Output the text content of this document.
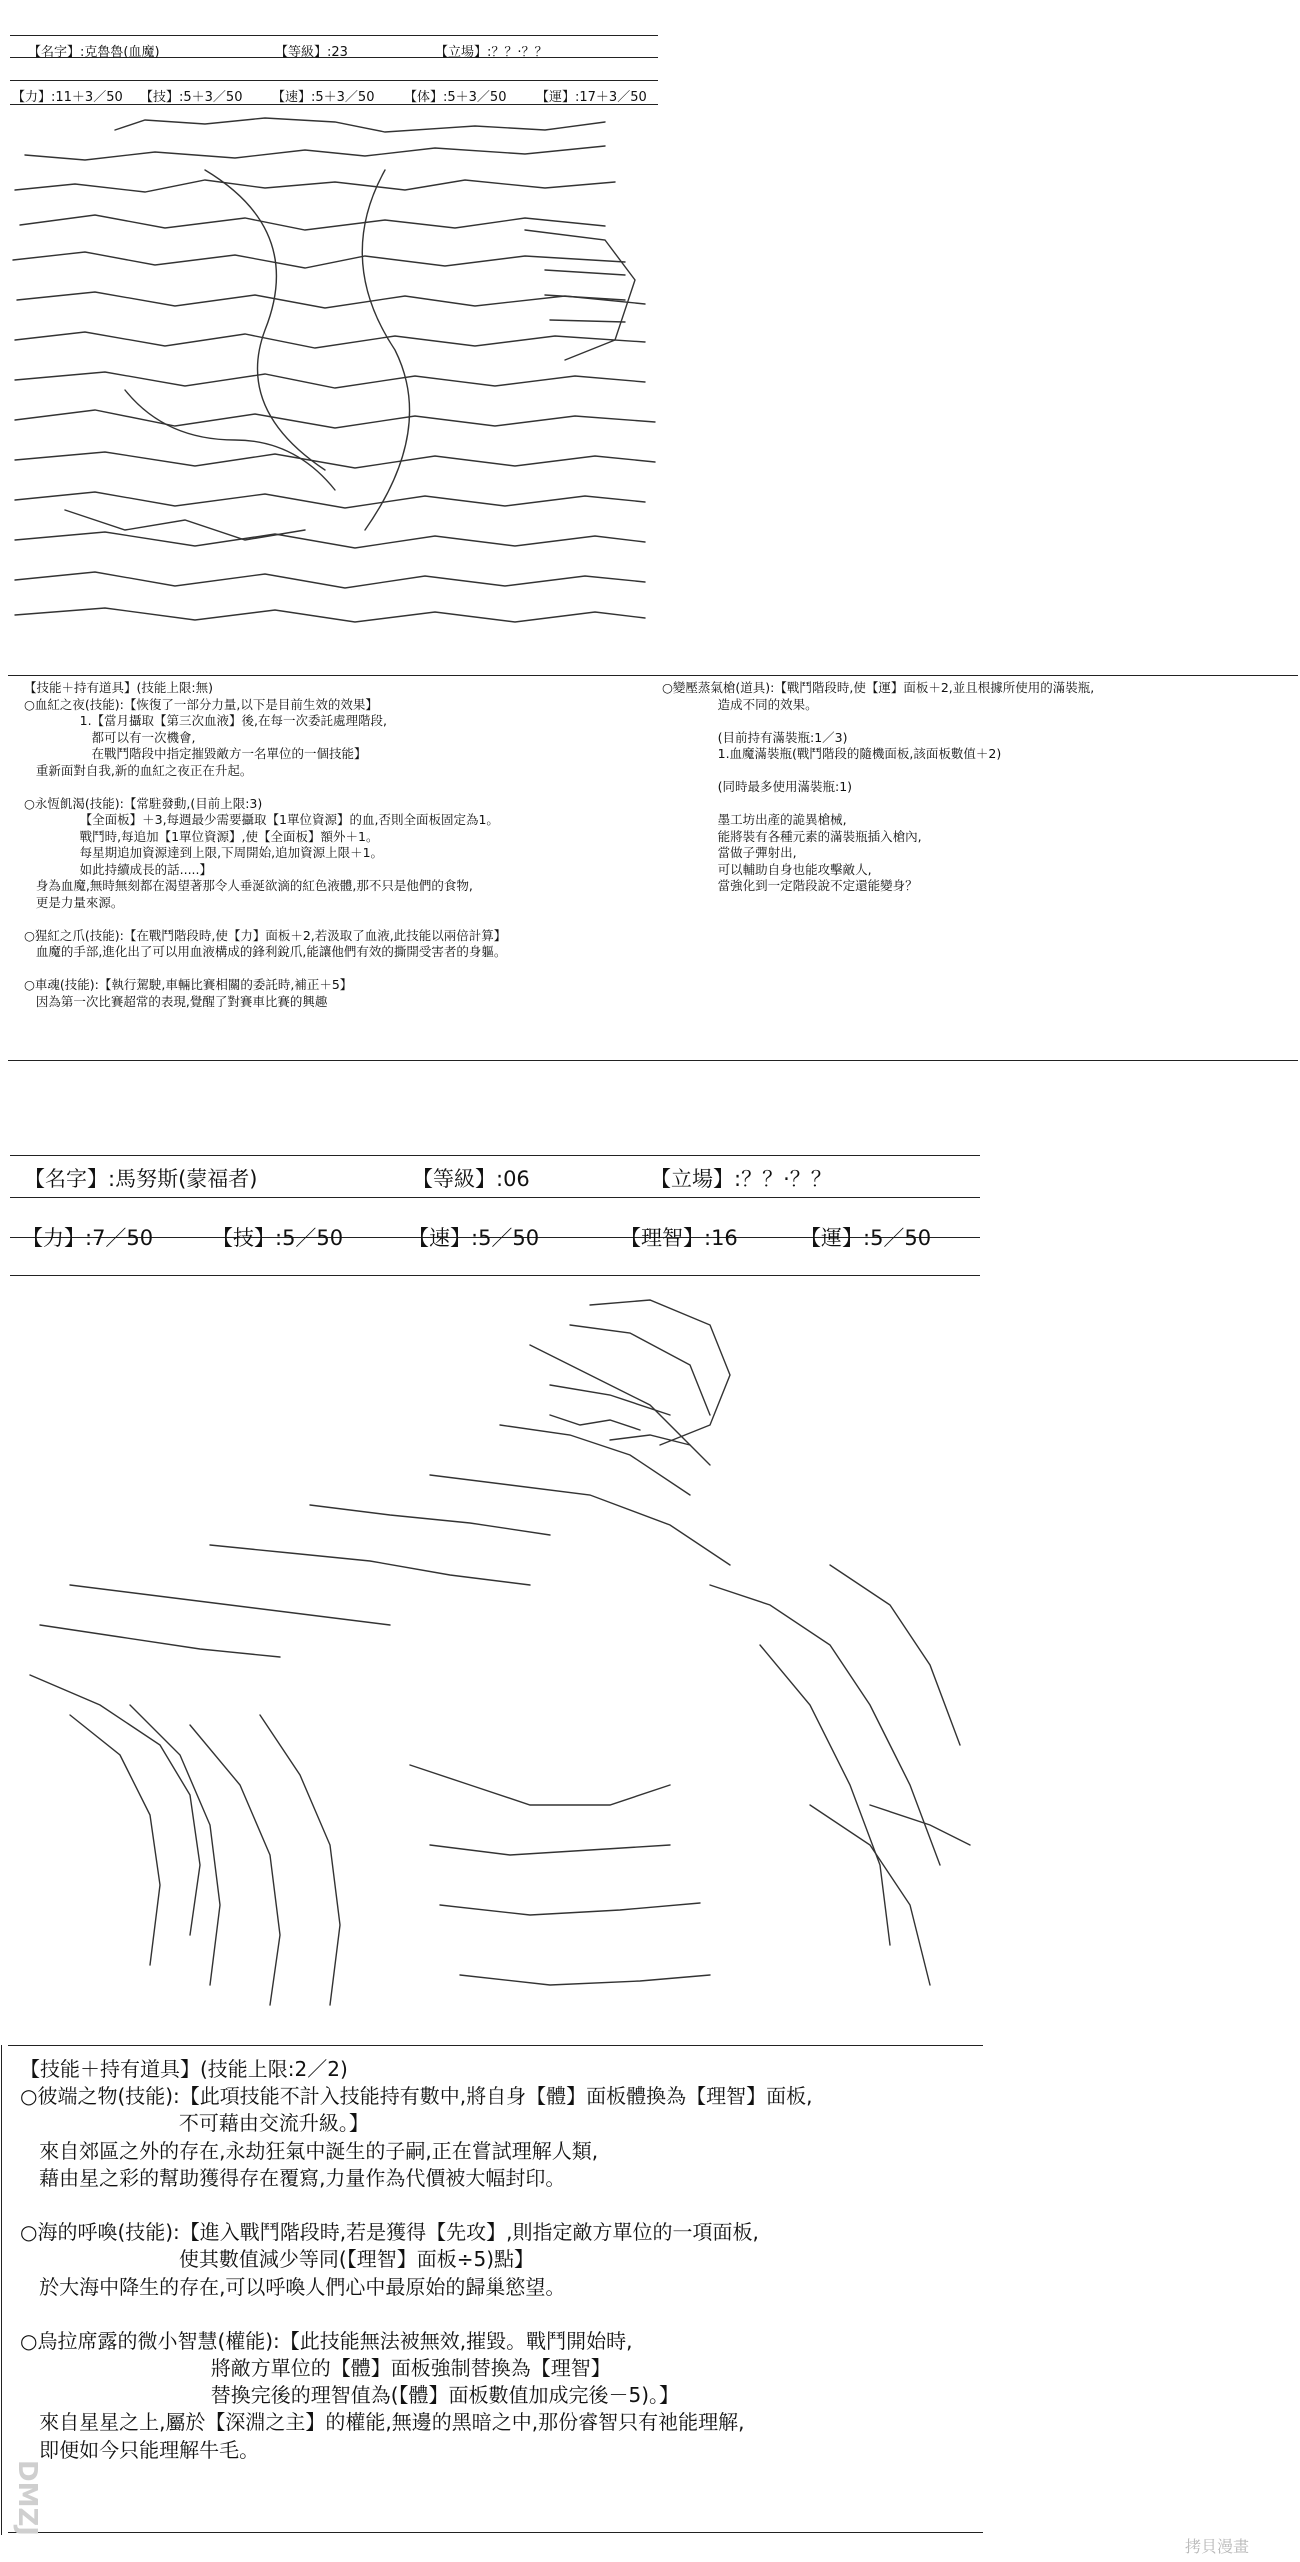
【名字】:克魯魯(血魔)	【等級】:23	【立場】:？？·？？
【力】:11＋3／50 【技】:5＋3／50 【速】:5＋3／50 【体】:5＋3／50 【運】:17＋3／50
【技能＋持有道具】(技能上限:無)
○血紅之夜(技能):【恢復了一部分力量,以下是目前生效的效果】
1.【當月攝取【第三次血液】後,在每一次委託處理階段,
都可以有一次機會,
在戰鬥階段中指定摧毀敵方一名單位的一個技能】
重新面對自我,新的血紅之夜正在升起。

○永恆飢渴(技能):【常駐發動,(目前上限:3)
【全面板】＋3,每週最少需要攝取【1單位資源】的血,否則全面板固定為1。
戰鬥時,每追加【1單位資源】,使【全面板】額外＋1。
每星期追加資源達到上限,下周開始,追加資源上限＋1。
如此持續成長的話.....】
身為血魔,無時無刻都在渴望著那令人垂涎欲滴的紅色液體,那不只是他們的食物,
更是力量來源。

○猩紅之爪(技能):【在戰鬥階段時,使【力】面板＋2,若汲取了血液,此技能以兩倍計算】
血魔的手部,進化出了可以用血液構成的鋒利銳爪,能讓他們有效的撕開受害者的身軀。

○車魂(技能):【執行駕駛,車輛比賽相關的委託時,補正＋5】
因為第一次比賽超常的表現,覺醒了對賽車比賽的興趣
○變壓蒸氣槍(道具):【戰鬥階段時,使【運】面板＋2,並且根據所使用的滿裝瓶,
造成不同的效果。

(目前持有滿裝瓶:1／3)
1.血魔滿裝瓶(戰鬥階段的隨機面板,該面板數值＋2)

(同時最多使用滿裝瓶:1)

墨工坊出產的詭異槍械,
能將裝有各種元素的滿裝瓶插入槍內,
當做子彈射出,
可以輔助自身也能攻擊敵人,
當強化到一定階段說不定還能變身？
【名字】:馬努斯(蒙福者)	【等級】:06	【立場】:？？·？？
【力】:7／50	【技】:5／50	【速】:5／50	【理智】:16	【運】:5／50
【技能＋持有道具】(技能上限:2／2)
○彼端之物(技能):【此項技能不計入技能持有數中,將自身【體】面板體換為【理智】面板,
不可藉由交流升級。】
來自郊區之外的存在,永劫狂氣中誕生的子嗣,正在嘗試理解人類,
藉由星之彩的幫助獲得存在覆寫,力量作為代價被大幅封印。

○海的呼喚(技能):【進入戰鬥階段時,若是獲得【先攻】,則指定敵方單位的一項面板,
使其數值減少等同(【理智】面板÷5)點】
於大海中降生的存在,可以呼喚人們心中最原始的歸巢慾望。

○烏拉席露的微小智慧(權能):【此技能無法被無效,摧毀。戰鬥開始時,
將敵方單位的【體】面板強制替換為【理智】
替換完後的理智值為(【體】面板數值加成完後－5)。】
來自星星之上,屬於【深淵之主】的權能,無邊的黑暗之中,那份睿智只有祂能理解,
即便如今只能理解牛毛。
DMZJ
拷貝漫畫
